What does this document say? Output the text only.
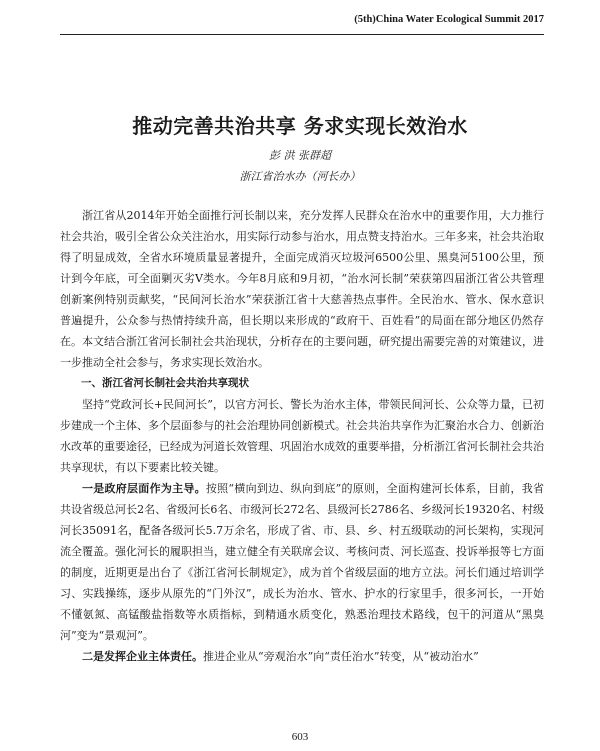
(5th)China Water Ecological Summit 2017
推动完善共治共享 务求实现长效治水
彭 洪 张群超
浙江省治水办（河长办）

浙江省从2014年开始全面推行河长制以来，充分发挥人民群众在治水中的重要作用，大力推行社会共治，吸引全省公众关注治水，用实际行动参与治水，用点赞支持治水。三年多来，社会共治取得了明显成效，全省水环境质量显著提升，全面完成消灭垃圾河6500公里、黑臭河5100公里，预计到今年底，可全面剿灭劣V类水。今年8月底和9月初，“治水河长制”荣获第四届浙江省公共管理创新案例特别贡献奖，“民间河长治水”荣获浙江省十大慈善热点事件。全民治水、管水、保水意识普遍提升，公众参与热情持续升高，但长期以来形成的“政府干、百姓看”的局面在部分地区仍然存在。本文结合浙江省河长制社会共治现状，分析存在的主要问题，研究提出需要完善的对策建议，进一步推动全社会参与，务求实现长效治水。

一、浙江省河长制社会共治共享现状

坚持“党政河长+民间河长”，以官方河长、警长为治水主体，带领民间河长、公众等力量，已初步建成一个主体、多个层面参与的社会治理协同创新模式。社会共治共享作为汇聚治水合力、创新治水改革的重要途径，已经成为河道长效管理、巩固治水成效的重要举措，分析浙江省河长制社会共治共享现状，有以下要素比较关键。

一是政府层面作为主导。按照“横向到边、纵向到底”的原则，全面构建河长体系，目前，我省共设省级总河长2名、省级河长6名、市级河长272名、县级河长2786名、乡级河长19320名、村级河长35091名，配备各级河长5.7万余名，形成了省、市、县、乡、村五级联动的河长架构，实现河流全覆盖。强化河长的履职担当，建立健全有关联席会议、考核问责、河长巡查、投诉举报等七方面的制度，近期更是出台了《浙江省河长制规定》，成为首个省级层面的地方立法。河长们通过培训学习、实践操练，逐步从原先的“门外汉”，成长为治水、管水、护水的行家里手，很多河长，一开始不懂氨氮、高锰酸盐指数等水质指标，到精通水质变化，熟悉治理技术路线，包干的河道从“黑臭河”变为“景观河”。

二是发挥企业主体责任。推进企业从“旁观治水”向“责任治水”转变，从“被动治水”

603
